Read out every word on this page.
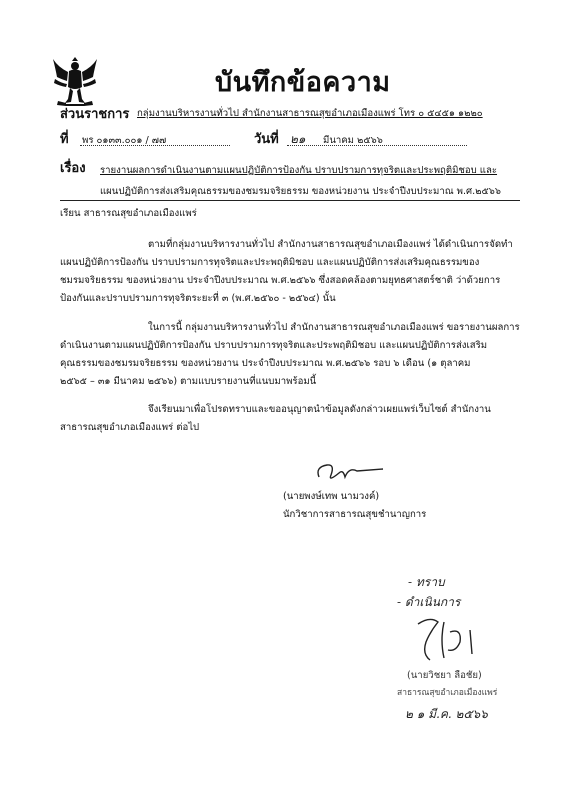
บันทึกข้อความ
ส่วนราชการ กลุ่มงานบริหารงานทั่วไป สำนักงานสาธารณสุขอำเภอเมืองแพร่ โทร ๐ ๕๔๕๑ ๑๒๒๐
ที่ พร ๐๑๓๓.๐๐๑ / ๗๗	วันที่ ๒๑ มีนาคม ๒๕๖๖
เรื่อง รายงานผลการดำเนินงานตามแผนปฏิบัติการป้องกัน ปราบปรามการทุจริตและประพฤติมิชอบ และ
แผนปฏิบัติการส่งเสริมคุณธรรมของชมรมจริยธรรม ของหน่วยงาน ประจำปีงบประมาณ พ.ศ.๒๕๖๖
เรียน สาธารณสุขอำเภอเมืองแพร่
ตามที่กลุ่มงานบริหารงานทั่วไป สำนักงานสาธารณสุขอำเภอเมืองแพร่ ได้ดำเนินการจัดทำ
แผนปฏิบัติการป้องกัน ปราบปรามการทุจริตและประพฤติมิชอบ และแผนปฏิบัติการส่งเสริมคุณธรรมของ
ชมรมจริยธรรม ของหน่วยงาน ประจำปีงบประมาณ พ.ศ.๒๕๖๖ ซึ่งสอดคล้องตามยุทธศาสตร์ชาติ ว่าด้วยการ
ป้องกันและปราบปรามการทุจริตระยะที่ ๓ (พ.ศ.๒๕๖๐ - ๒๕๖๔) นั้น
ในการนี้ กลุ่มงานบริหารงานทั่วไป สำนักงานสาธารณสุขอำเภอเมืองแพร่ ขอรายงานผลการ
ดำเนินงานตามแผนปฏิบัติการป้องกัน ปราบปรามการทุจริตและประพฤติมิชอบ และแผนปฏิบัติการส่งเสริม
คุณธรรมของชมรมจริยธรรม ของหน่วยงาน ประจำปีงบประมาณ พ.ศ.๒๕๖๖ รอบ ๖ เดือน (๑ ตุลาคม
๒๕๖๕ – ๓๑ มีนาคม ๒๕๖๖) ตามแบบรายงานที่แนบมาพร้อมนี้
จึงเรียนมาเพื่อโปรดทราบและขออนุญาตนำข้อมูลดังกล่าวเผยแพร่เว็บไซต์ สำนักงาน
สาธารณสุขอำเภอเมืองแพร่ ต่อไป
(นายพงษ์เทพ นามวงค์)
นักวิชาการสาธารณสุขชำนาญการ
- ทราบ
- ดำเนินการ
(นายวิชยา ลือชัย)
สาธารณสุขอำเภอเมืองแพร่
๒ ๑ มี.ค. ๒๕๖๖
